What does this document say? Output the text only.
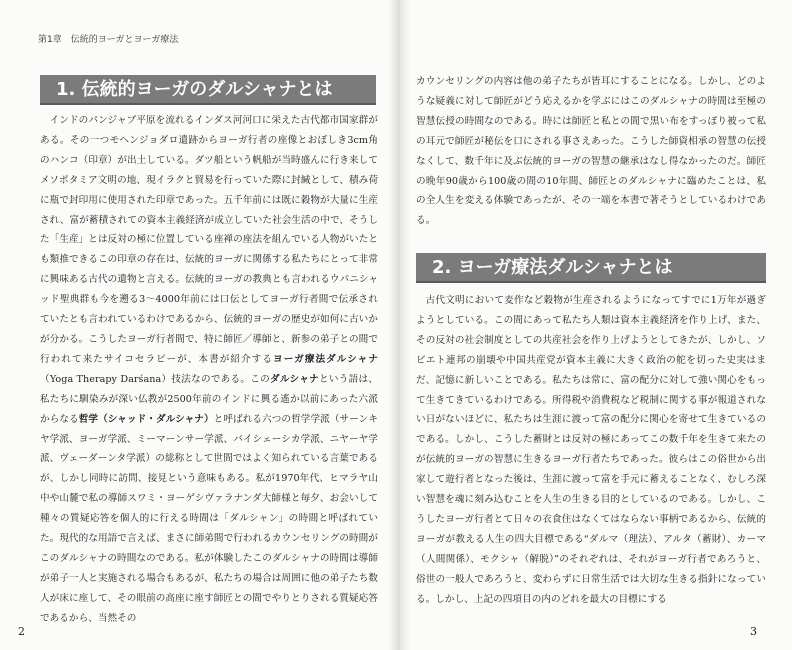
第1章　伝統的ヨーガとヨーガ療法
1. 伝統的ヨーガのダルシャナとは

インドのパンジャブ平原を流れるインダス河河口に栄えた古代都市国家群がある。その一つモヘンジョダロ遺跡からヨーガ行者の座像とおぼしき3cm角のハンコ（印章）が出土している。ダツ船という帆船が当時盛んに行き来してメソポタミア文明の地、現イラクと貿易を行っていた際に封緘として、積み荷に瓶で封印用に使用された印章であった。五千年前には既に穀物が大量に生産され、富が蓄積されての資本主義経済が成立していた社会生活の中で、そうした「生産」とは反対の極に位置している座禅の座法を組んでいる人物がいたとも類推できるこの印章の存在は、伝統的ヨーガに関係する私たちにとって非常に興味ある古代の遺物と言える。伝統的ヨーガの教典とも言われるウパニシャッド聖典群も今を遡る3～4000年前には口伝としてヨーガ行者間で伝承されていたとも言われているわけであるから、伝統的ヨーガの歴史が如何に古いかが分かる。こうしたヨーガ行者間で、特に師匠／導師と、新参の弟子との間で行われて来たサイコセラピーが、本書が紹介するヨーガ療法ダルシャナ（Yoga Therapy Darśana）技法なのである。このダルシャナという語は、私たちに馴染みが深い仏教が2500年前のインドに興る遙か以前にあった六派からなる哲学（シャッド・ダルシャナ）と呼ばれる六つの哲学学派（サーンキヤ学派、ヨーガ学派、ミーマーンサー学派、バイシェーシカ学派、ニヤーヤ学派、ヴェーダーンタ学派）の総称として世間ではよく知られている言葉であるが、しかし同時に訪問、接見という意味もある。私が1970年代、ヒマラヤ山中や山麓で私の導師スワミ・ヨーゲシヴァラナンダ大師様と毎夕、お会いして種々の質疑応答を個人的に行える時間は「ダルシャン」の時間と呼ばれていた。現代的な用語で言えば、まさに師弟間で行われるカウンセリングの時間がこのダルシャナの時間なのである。私が体験したこのダルシャナの時間は導師が弟子一人と実施される場合もあるが、私たちの場合は周囲に他の弟子たち数人が床に座して、その眼前の高座に座す師匠との間でやりとりされる質疑応答であるから、当然その

2

カウンセリングの内容は他の弟子たちが皆耳にすることになる。しかし、どのような疑義に対して師匠がどう応えるかを学ぶにはこのダルシャナの時間は至極の智慧伝授の時間なのである。時には師匠と私との間で黒い布をすっぽり被って私の耳元で師匠が秘伝を口にされる事さえあった。こうした師資相承の智慧の伝授なくして、数千年に及ぶ伝統的ヨーガの智慧の継承はなし得なかったのだ。師匠の晩年90歳から100歳の間の10年間、師匠とのダルシャナに臨めたことは、私の全人生を変える体験であったが、その一端を本書で著そうとしているわけである。

2. ヨーガ療法ダルシャナとは

古代文明において麦作など穀物が生産されるようになってすでに1万年が過ぎようとしている。この間にあって私たち人類は資本主義経済を作り上げ、また、その反対の社会制度としての共産社会を作り上げようとしてきたが、しかし、ソビエト連邦の崩壊や中国共産党が資本主義に大きく政治の舵を切った史実はまだ、記憶に新しいことである。私たちは常に、富の配分に対して強い関心をもって生きてきているわけである。所得税や消費税など税制に関する事が報道されない日がないほどに、私たちは生涯に渡って富の配分に関心を寄せて生きているのである。しかし、こうした蓄財とは反対の極にあってこの数千年を生きて来たのが伝統的ヨーガの智慧に生きるヨーガ行者たちであった。彼らはこの俗世から出家して遊行者となった後は、生涯に渡って富を手元に蓄えることなく、むしろ深い智慧を魂に刻み込むことを人生の生きる目的としているのである。しかし、こうしたヨーガ行者とて日々の衣食住はなくてはならない事柄であるから、伝統的ヨーガが教える人生の四大目標である“ダルマ（理法）、アルタ（蓄財）、カーマ（人間関係）、モクシャ（解脱）”のそれぞれは、それがヨーガ行者であろうと、俗世の一般人であろうと、変わらずに日常生活では大切な生きる指針になっている。しかし、上記の四項目の内のどれを最大の目標にする

3
